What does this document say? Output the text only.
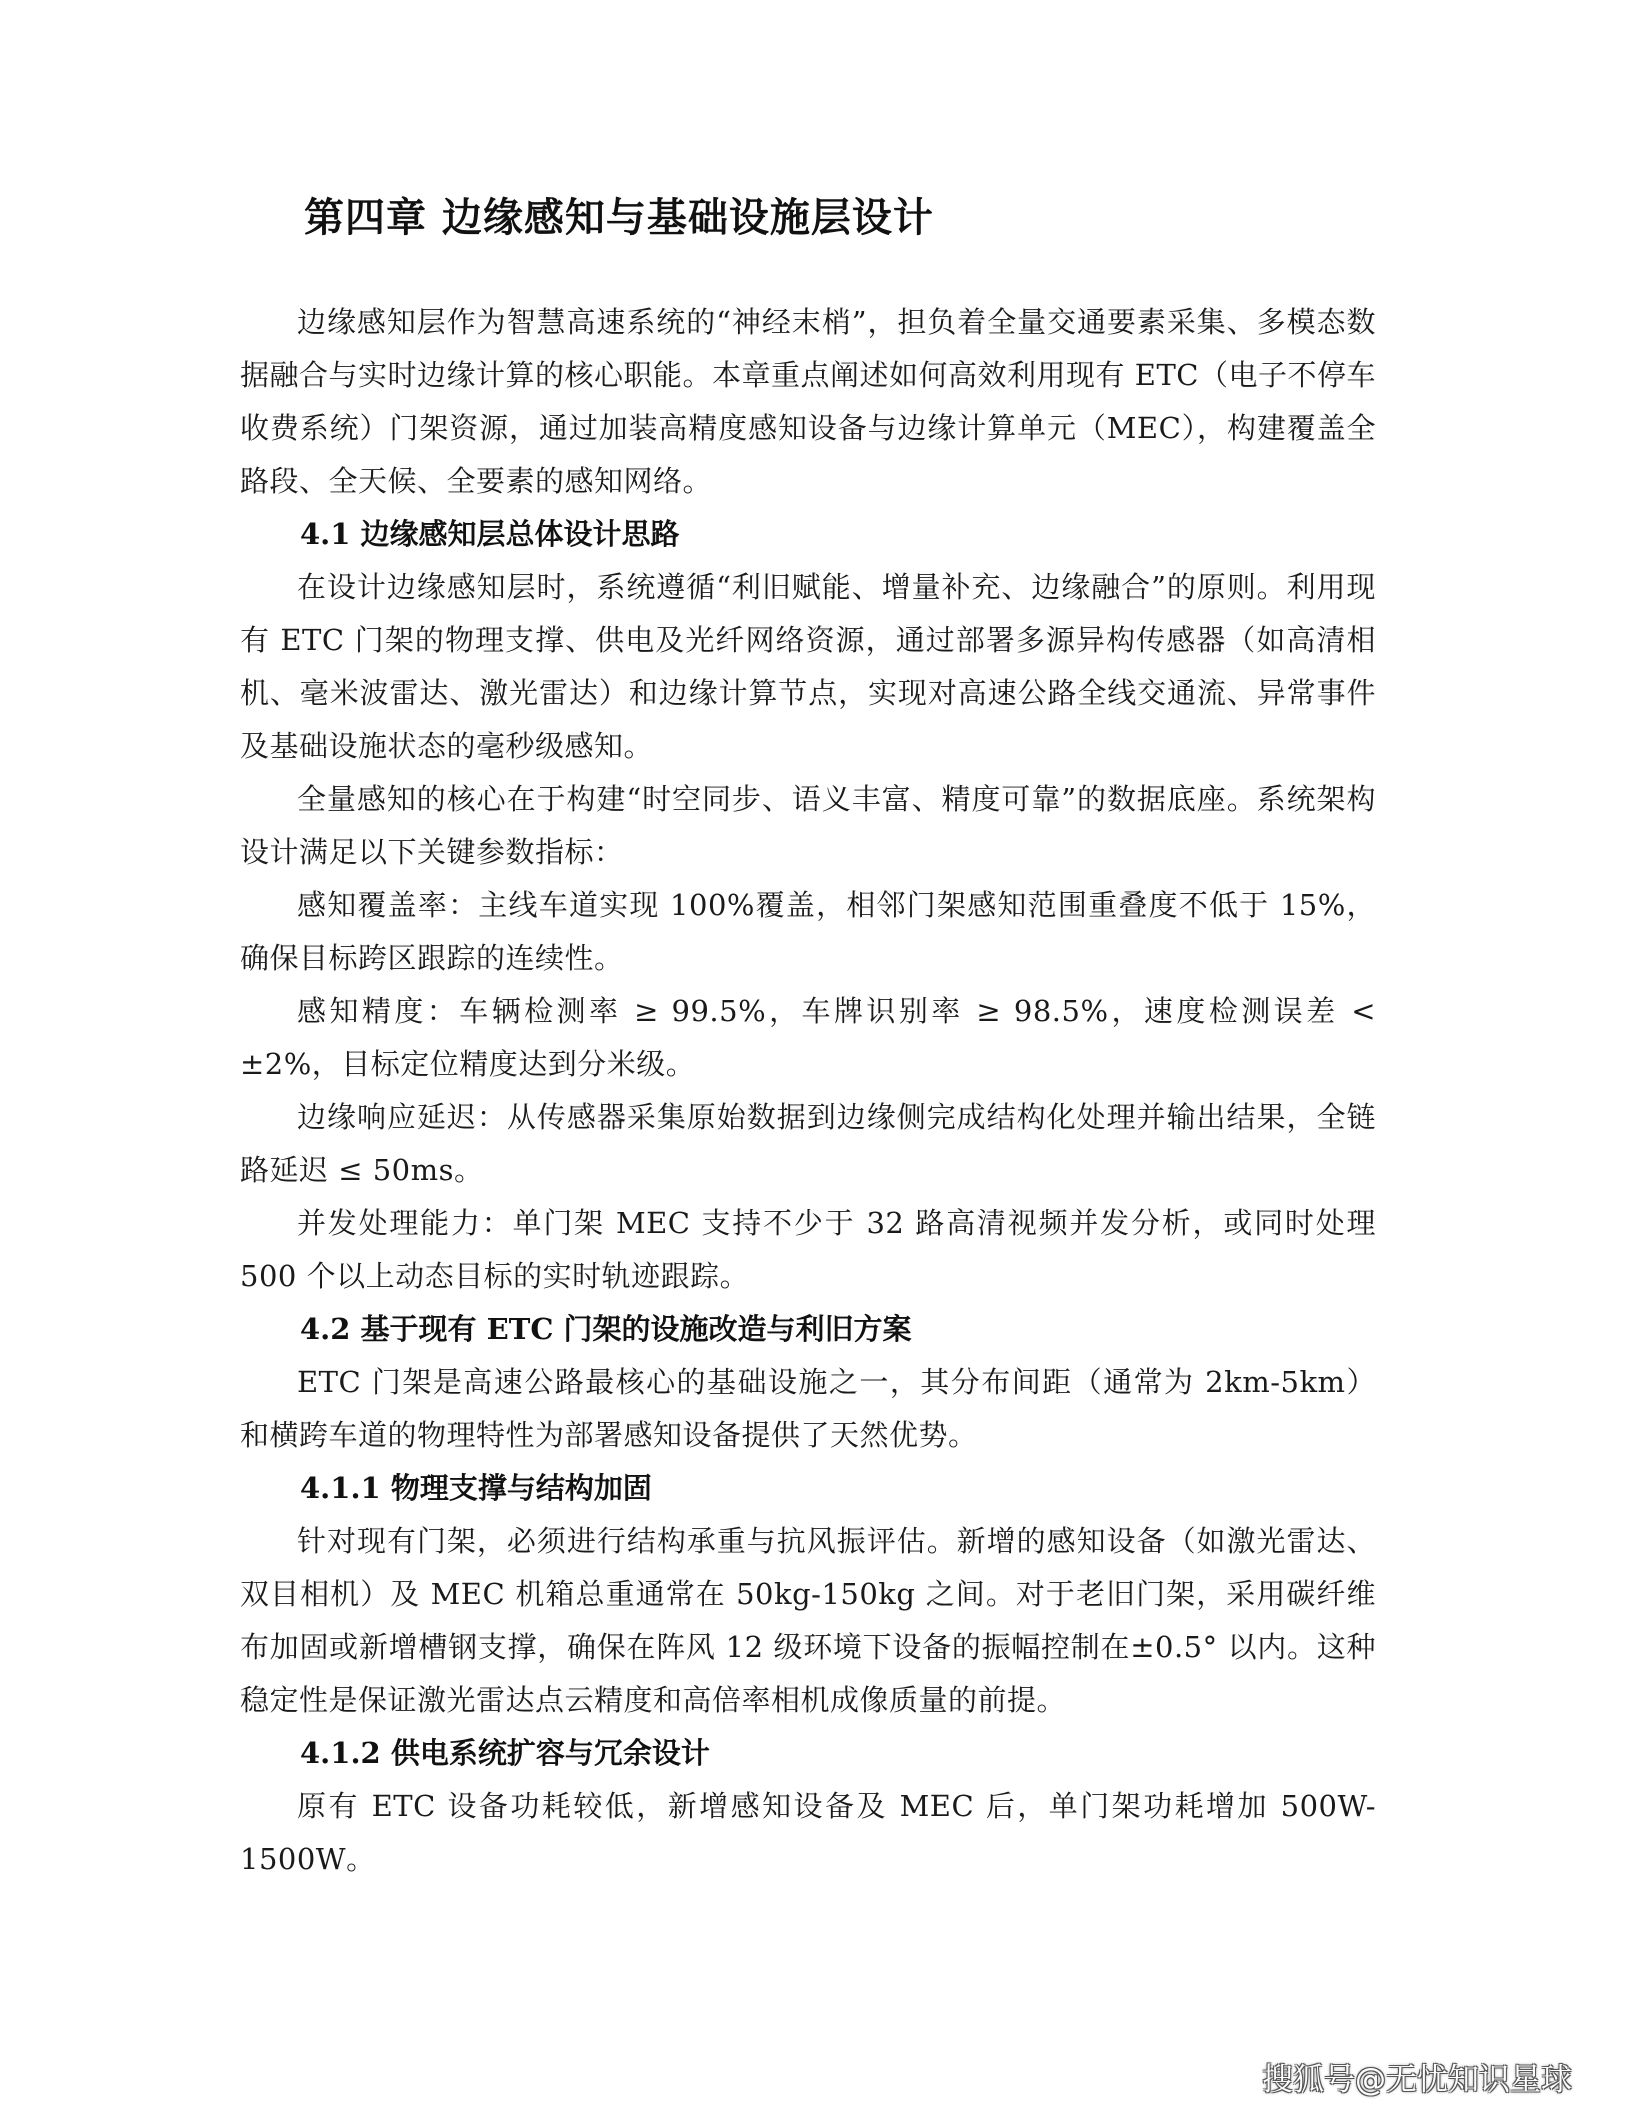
第四章 边缘感知与基础设施层设计

边缘感知层作为智慧高速系统的“神经末梢”，担负着全量交通要素采集、多模态数据融合与实时边缘计算的核心职能。本章重点阐述如何高效利用现有 ETC（电子不停车收费系统）门架资源，通过加装高精度感知设备与边缘计算单元（MEC），构建覆盖全路段、全天候、全要素的感知网络。

4.1 边缘感知层总体设计思路

在设计边缘感知层时，系统遵循“利旧赋能、增量补充、边缘融合”的原则。利用现有 ETC 门架的物理支撑、供电及光纤网络资源，通过部署多源异构传感器（如高清相机、毫米波雷达、激光雷达）和边缘计算节点，实现对高速公路全线交通流、异常事件及基础设施状态的毫秒级感知。

全量感知的核心在于构建“时空同步、语义丰富、精度可靠”的数据底座。系统架构设计满足以下关键参数指标：

感知覆盖率：主线车道实现 100%覆盖，相邻门架感知范围重叠度不低于 15%，确保目标跨区跟踪的连续性。

感知精度：车辆检测率 ≥ 99.5%，车牌识别率 ≥ 98.5%，速度检测误差 < ±2%，目标定位精度达到分米级。

边缘响应延迟：从传感器采集原始数据到边缘侧完成结构化处理并输出结果，全链路延迟 ≤ 50ms。

并发处理能力：单门架 MEC 支持不少于 32 路高清视频并发分析，或同时处理 500 个以上动态目标的实时轨迹跟踪。

4.2 基于现有 ETC 门架的设施改造与利旧方案

ETC 门架是高速公路最核心的基础设施之一，其分布间距（通常为 2km-5km）和横跨车道的物理特性为部署感知设备提供了天然优势。

4.1.1 物理支撑与结构加固

针对现有门架，必须进行结构承重与抗风振评估。新增的感知设备（如激光雷达、双目相机）及 MEC 机箱总重通常在 50kg-150kg 之间。对于老旧门架，采用碳纤维布加固或新增槽钢支撑，确保在阵风 12 级环境下设备的振幅控制在±0.5° 以内。这种稳定性是保证激光雷达点云精度和高倍率相机成像质量的前提。

4.1.2 供电系统扩容与冗余设计

原有 ETC 设备功耗较低，新增感知设备及 MEC 后，单门架功耗增加 500W-1500W。

搜狐号@无忧知识星球
